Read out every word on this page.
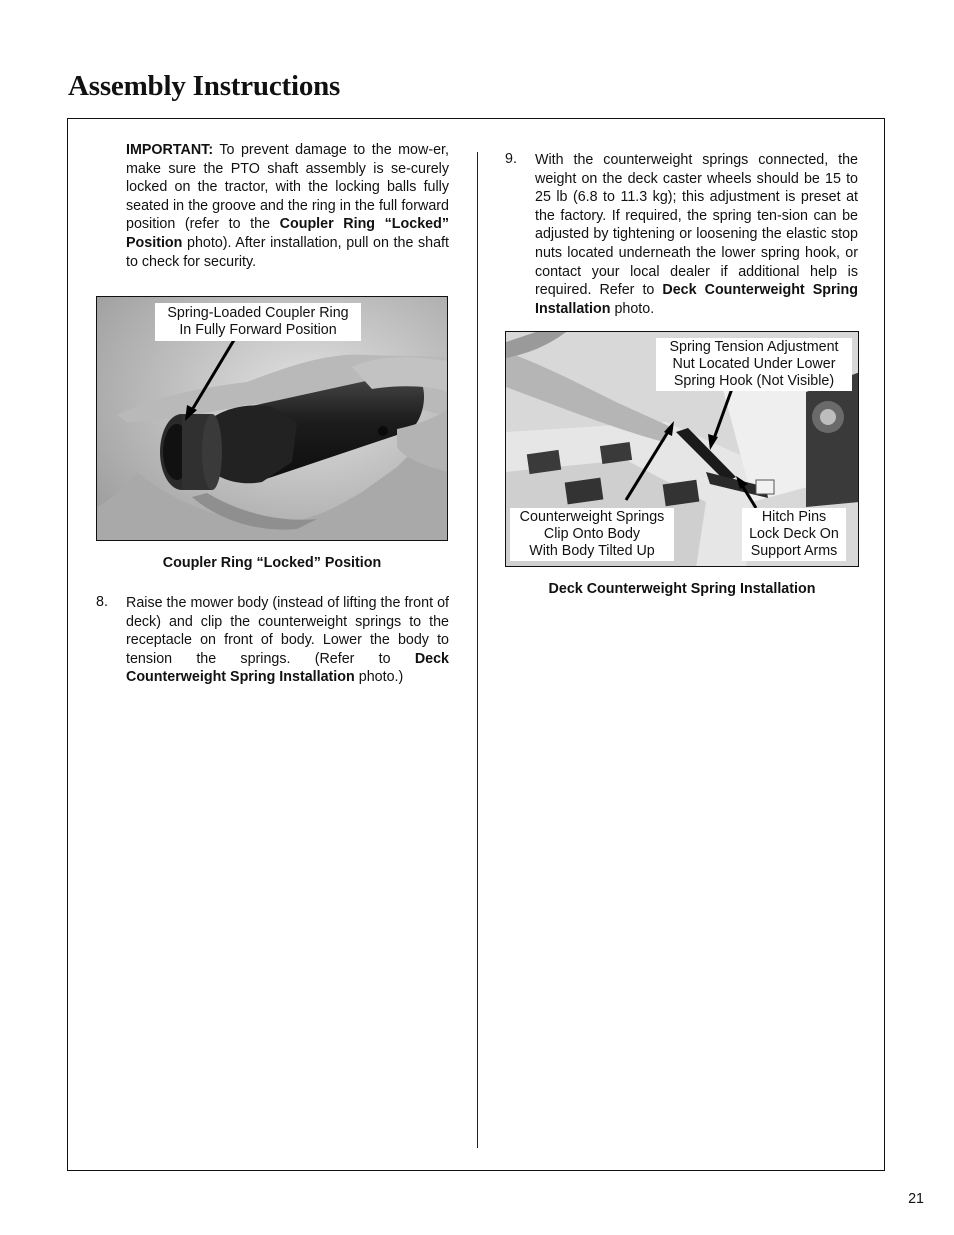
Assembly Instructions

IMPORTANT: To prevent damage to the mow-er, make sure the PTO shaft assembly is se-curely locked on the tractor, with the locking balls fully seated in the groove and the ring in the full forward position (refer to the Coupler Ring “Locked” Position photo). After installation, pull on the shaft to check for security.

Spring-Loaded Coupler Ring
In Fully Forward Position
Coupler Ring “Locked” Position
8. Raise the mower body (instead of lifting the front of deck) and clip the counterweight springs to the receptacle on front of body. Lower the body to tension the springs. (Refer to Deck Counterweight Spring Installation photo.)

9. With the counterweight springs connected, the weight on the deck caster wheels should be 15 to 25 lb (6.8 to 11.3 kg); this adjustment is preset at the factory. If required, the spring ten-sion can be adjusted by tightening or loosening the elastic stop nuts located underneath the lower spring hook, or contact your local dealer if additional help is required. Refer to Deck Counterweight Spring Installation photo.

Spring Tension Adjustment
Nut Located Under Lower
Spring Hook (Not Visible)
Counterweight Springs
Clip Onto Body
With Body Tilted Up
Hitch Pins
Lock Deck On
Support Arms
Deck Counterweight Spring Installation
21
